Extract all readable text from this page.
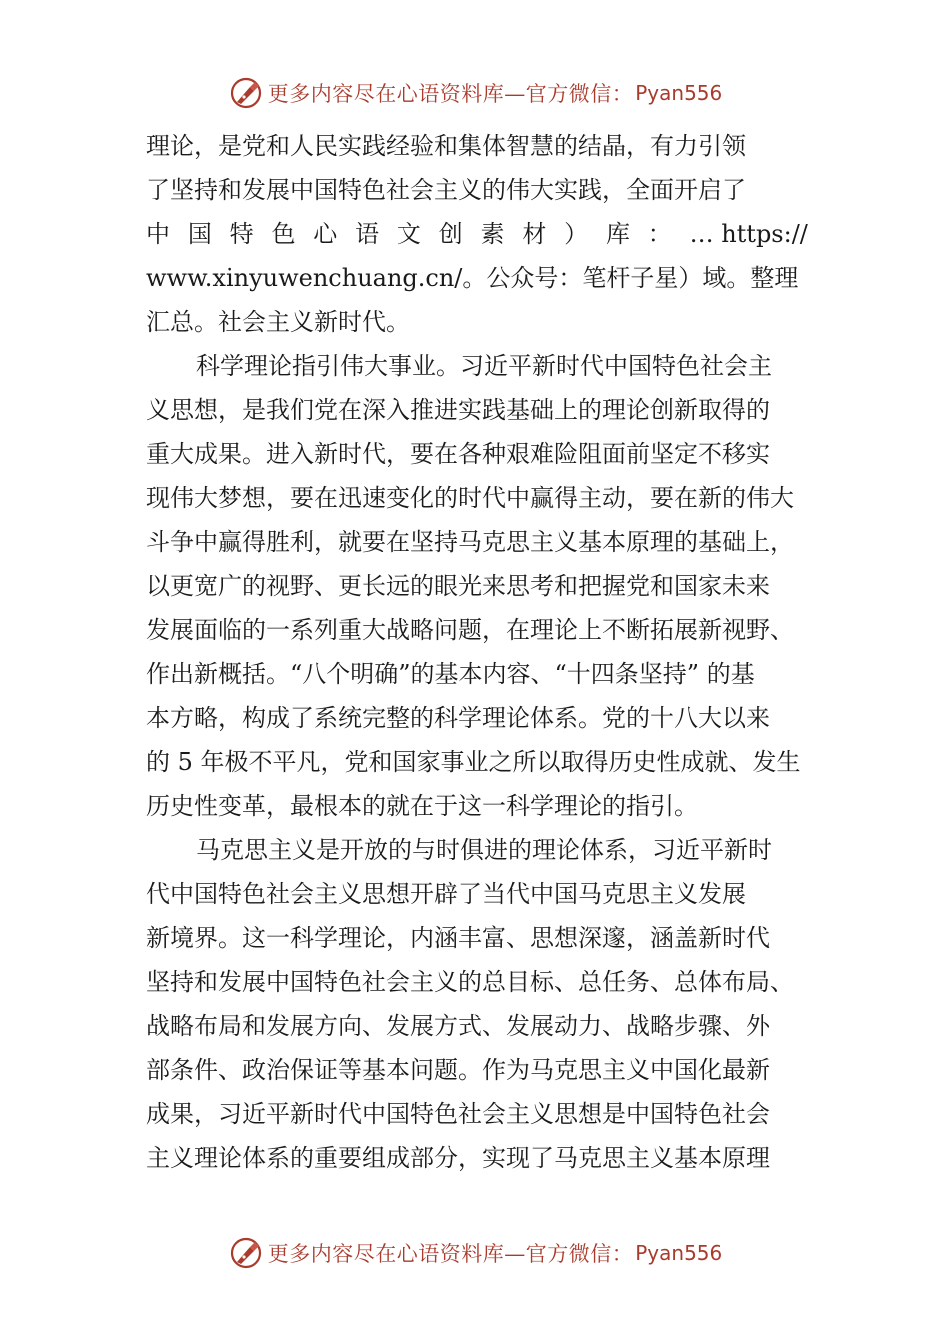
更多内容尽在心语资料库—官方微信： Pyan556
理论，是党和人民实践经验和集体智慧的结晶，有力引领
了坚持和发展中国特色社会主义的伟大实践，全面开启了
中 国 特 色 心 语 文 创 素 材 ） 库 ： … https://
www.xinyuwenchuang.cn/。公众号：笔杆子星）域。整理
汇总。社会主义新时代。
科学理论指引伟大事业。习近平新时代中国特色社会主
义思想，是我们党在深入推进实践基础上的理论创新取得的
重大成果。进入新时代，要在各种艰难险阻面前坚定不移实
现伟大梦想，要在迅速变化的时代中赢得主动，要在新的伟大
斗争中赢得胜利，就要在坚持马克思主义基本原理的基础上，
以更宽广的视野、更长远的眼光来思考和把握党和国家未来
发展面临的一系列重大战略问题，在理论上不断拓展新视野、
作出新概括。“八个明确”的基本内容、“十四条坚持” 的基
本方略，构成了系统完整的科学理论体系。党的十八大以来
的 5 年极不平凡，党和国家事业之所以取得历史性成就、发生
历史性变革，最根本的就在于这一科学理论的指引。
马克思主义是开放的与时俱进的理论体系，习近平新时
代中国特色社会主义思想开辟了当代中国马克思主义发展
新境界。这一科学理论，内涵丰富、思想深邃，涵盖新时代
坚持和发展中国特色社会主义的总目标、总任务、总体布局、
战略布局和发展方向、发展方式、发展动力、战略步骤、外
部条件、政治保证等基本问题。作为马克思主义中国化最新
成果，习近平新时代中国特色社会主义思想是中国特色社会
主义理论体系的重要组成部分，实现了马克思主义基本原理
更多内容尽在心语资料库—官方微信： Pyan556
